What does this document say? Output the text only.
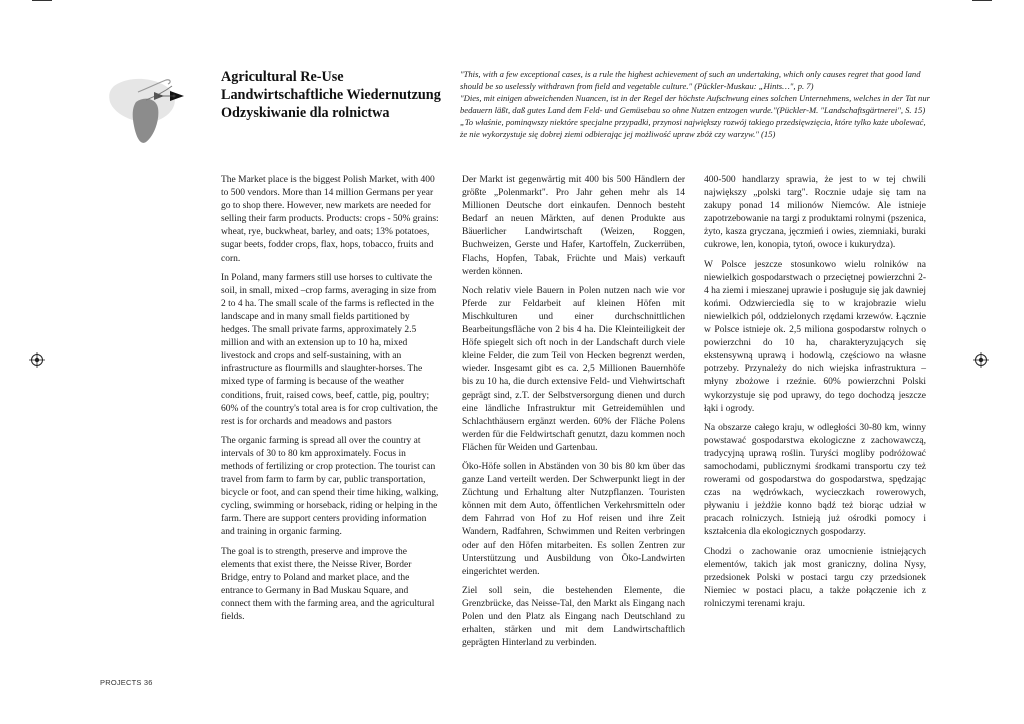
Agricultural Re-Use
Landwirtschaftliche Wiedernutzung
Odzyskiwanie dla rolnictwa

"This, with a few exceptional cases, is a rule the highest achievement of such an undertaking, which only causes regret that good land should be so uselessly withdrawn from field and vegetable culture." (Pückler-Muskau: „Hints…", p. 7)

"Dies, mit einigen abweichenden Nuancen, ist in der Regel der höchste Aufschwung eines solchen Unternehmens, welches in der Tat nur bedauern läßt, daß gutes Land dem Feld- und Gemüsebau so ohne Nutzen entzogen wurde."(Pückler-M. "Landschaftsgärtnerei", S. 15)

„To właśnie, pominąwszy niektóre specjalne przypadki, przynosi największy rozwój takiego przedsięwzięcia, które tylko każe ubolewać, że nie wykorzystuje się dobrej ziemi odbierając jej możliwość upraw zbóż czy warzyw." (15)

The Market place is the biggest Polish Market, with 400 to 500 vendors. More than 14 million Germans per year go to shop there. However, new markets are needed for selling their farm products. Products: crops - 50% grains: wheat, rye, buckwheat, barley, and oats; 13% potatoes, sugar beets, fodder crops, flax, hops, tobacco, fruits and corn.

In Poland, many farmers still use horses to cultivate the soil, in small, mixed –crop farms, averaging in size from 2 to 4 ha. The small scale of the farms is reflected in the landscape and in many small fields partitioned by hedges. The small private farms, approximately 2.5 million and with an extension up to 10 ha, mixed livestock and crops and self-sustaining, with an infrastructure as flourmills and slaughter-horses. The mixed type of farming is because of the weather conditions, fruit, raised cows, beef, cattle, pig, poultry; 60% of the country's total area is for crop cultivation, the rest is for orchards and meadows and pastors

The organic farming is spread all over the country at intervals of 30 to 80 km approximately. Focus in methods of fertilizing or crop protection. The tourist can travel from farm to farm by car, public transportation, bicycle or foot, and can spend their time hiking, walking, cycling, swimming or horseback, riding or helping in the farm. There are support centers providing information and training in organic farming.

The goal is to strength, preserve and improve the elements that exist there, the Neisse River, Border Bridge, entry to Poland and market place, and the entrance to Germany in Bad Muskau Square, and connect them with the farming area, and the agricultural fields.

Der Markt ist gegenwärtig mit 400 bis 500 Händlern der größte „Polenmarkt". Pro Jahr gehen mehr als 14 Millionen Deutsche dort einkaufen. Dennoch besteht Bedarf an neuen Märkten, auf denen Produkte aus Bäuerlicher Landwirtschaft (Weizen, Roggen, Buchweizen, Gerste und Hafer, Kartoffeln, Zuckerrüben, Flachs, Hopfen, Tabak, Früchte und Mais) verkauft werden können.

Noch relativ viele Bauern in Polen nutzen nach wie vor Pferde zur Feldarbeit auf kleinen Höfen mit Mischkulturen und einer durchschnittlichen Bearbeitungsfläche von 2 bis 4 ha. Die Kleinteiligkeit der Höfe spiegelt sich oft noch in der Landschaft durch viele kleine Felder, die zum Teil von Hecken begrenzt werden, wieder. Insgesamt gibt es ca. 2,5 Millionen Bauernhöfe bis zu 10 ha, die durch extensive Feld- und Viehwirtschaft geprägt sind, z.T. der Selbstversorgung dienen und durch eine ländliche Infrastruktur mit Getreidemühlen und Schlachthäusern ergänzt werden. 60% der Fläche Polens werden für die Feldwirtschaft genutzt, dazu kommen noch Flächen für Weiden und Gartenbau.

Öko-Höfe sollen in Abständen von 30 bis 80 km über das ganze Land verteilt werden. Der Schwerpunkt liegt in der Züchtung und Erhaltung alter Nutzpflanzen. Touristen können mit dem Auto, öffentlichen Verkehrsmitteln oder dem Fahrrad von Hof zu Hof reisen und ihre Zeit Wandern, Radfahren, Schwimmen und Reiten verbringen oder auf den Höfen mitarbeiten. Es sollen Zentren zur Unterstützung und Ausbildung von Öko-Landwirten eingerichtet werden.

Ziel soll sein, die bestehenden Elemente, die Grenzbrücke, das Neisse-Tal, den Markt als Eingang nach Polen und den Platz als Eingang nach Deutschland zu erhalten, stärken und mit dem Landwirtschaftlich geprägten Hinterland zu verbinden.

400-500 handlarzy sprawia, że jest to w tej chwili największy „polski targ". Rocznie udaje się tam na zakupy ponad 14 milionów Niemców. Ale istnieje zapotrzebowanie na targi z produktami rolnymi (pszenica, żyto, kasza gryczana, jęczmień i owies, ziemniaki, buraki cukrowe, len, konopia, tytoń, owoce i kukurydza).

W Polsce jeszcze stosunkowo wielu rolników na niewielkich gospodarstwach o przeciętnej powierzchni 2-4 ha ziemi i mieszanej uprawie i posługuje się jak dawniej końmi. Odzwierciedla się to w krajobrazie wielu niewielkich pól, oddzielonych rzędami krzewów. Łącznie w Polsce istnieje ok. 2,5 miliona gospodarstw rolnych o powierzchni do 10 ha, charakteryzujących się ekstensywną uprawą i hodowlą, częściowo na własne potrzeby. Przynależy do nich wiejska infrastruktura – młyny zbożowe i rzeźnie. 60% powierzchni Polski wykorzystuje się pod uprawy, do tego dochodzą jeszcze łąki i ogrody.

Na obszarze całego kraju, w odległości 30-80 km, winny powstawać gospodarstwa ekologiczne z zachowawczą, tradycyjną uprawą roślin. Turyści mogliby podróżować samochodami, publicznymi środkami transportu czy też rowerami od gospodarstwa do gospodarstwa, spędzając czas na wędrówkach, wycieczkach rowerowych, pływaniu i jeżdżie konno bądź też biorąc udział w pracach rolniczych. Istnieją już ośrodki pomocy i kształcenia dla ekologicznych gospodarzy.

Chodzi o zachowanie oraz umocnienie istniejących elementów, takich jak most graniczny, dolina Nysy, przedsionek Polski w postaci targu czy przedsionek Niemiec w postaci placu, a także połączenie ich z rolniczymi terenami kraju.

PROJECTS 36
